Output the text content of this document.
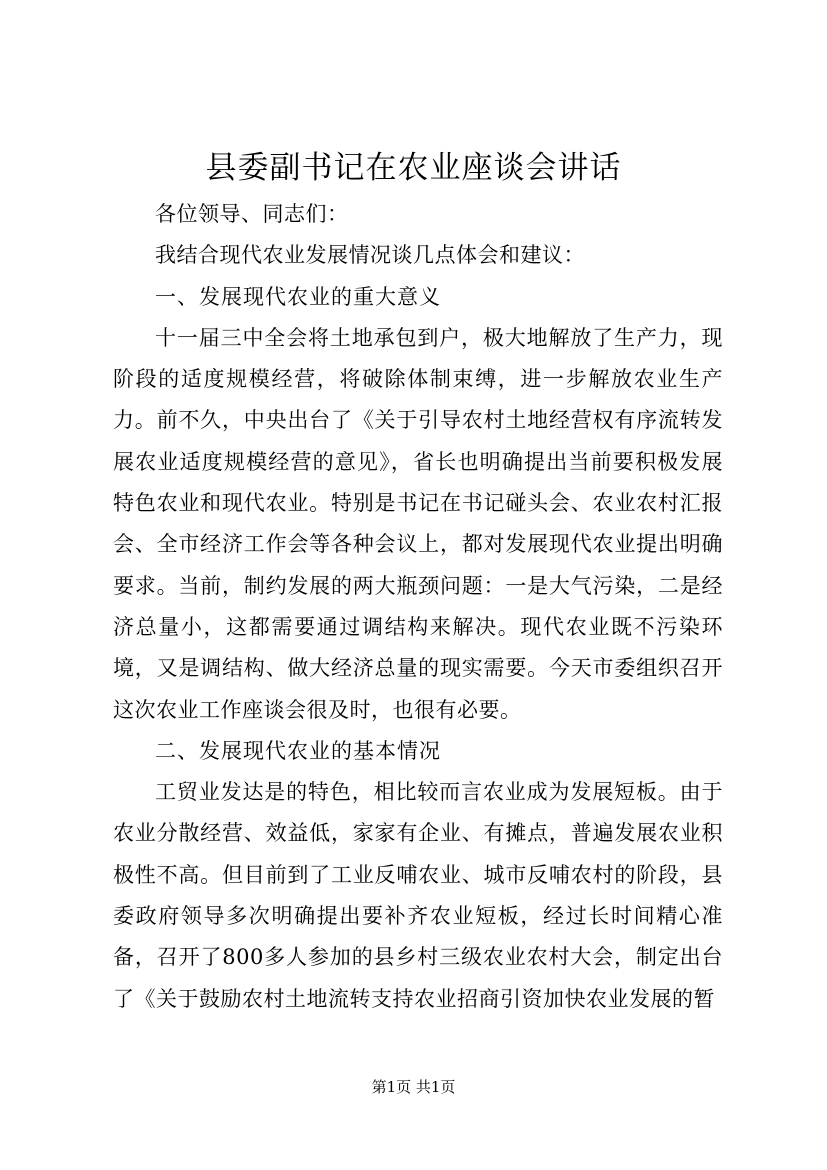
县委副书记在农业座谈会讲话

各位领导、同志们：

我结合现代农业发展情况谈几点体会和建议：

一、发展现代农业的重大意义

十一届三中全会将土地承包到户，极大地解放了生产力，现阶段的适度规模经营，将破除体制束缚，进一步解放农业生产力。前不久，中央出台了《关于引导农村土地经营权有序流转发展农业适度规模经营的意见》，省长也明确提出当前要积极发展特色农业和现代农业。特别是书记在书记碰头会、农业农村汇报会、全市经济工作会等各种会议上，都对发展现代农业提出明确要求。当前，制约发展的两大瓶颈问题：一是大气污染，二是经济总量小，这都需要通过调结构来解决。现代农业既不污染环境，又是调结构、做大经济总量的现实需要。今天市委组织召开这次农业工作座谈会很及时，也很有必要。

二、发展现代农业的基本情况

工贸业发达是的特色，相比较而言农业成为发展短板。由于农业分散经营、效益低，家家有企业、有摊点，普遍发展农业积极性不高。但目前到了工业反哺农业、城市反哺农村的阶段，县委政府领导多次明确提出要补齐农业短板，经过长时间精心准备，召开了800多人参加的县乡村三级农业农村大会，制定出台了《关于鼓励农村土地流转支持农业招商引资加快农业发展的暂

第1页 共1页
